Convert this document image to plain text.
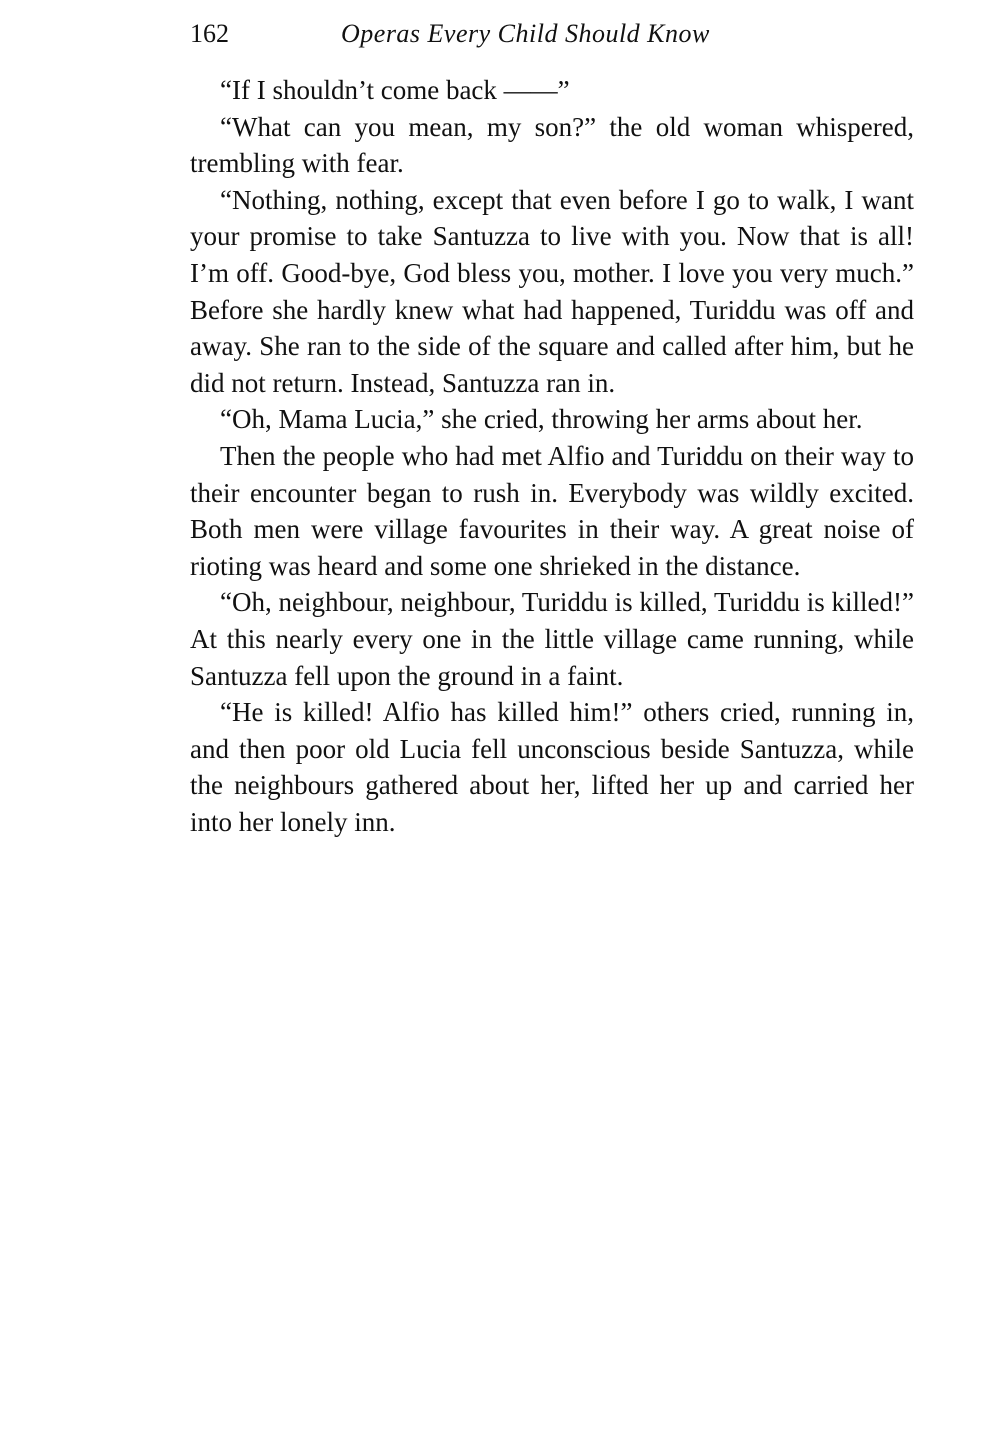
162	Operas Every Child Should Know

“If I shouldn’t come back ——”

“What can you mean, my son?” the old woman whispered, trembling with fear.

“Nothing, nothing, except that even before I go to walk, I want your promise to take Santuzza to live with you. Now that is all! I’m off. Good-bye, God bless you, mother. I love you very much.” Before she hardly knew what had happened, Turiddu was off and away. She ran to the side of the square and called after him, but he did not return. Instead, Santuzza ran in.

“Oh, Mama Lucia,” she cried, throwing her arms about her.

Then the people who had met Alfio and Turiddu on their way to their encounter began to rush in. Everybody was wildly excited. Both men were village favourites in their way. A great noise of rioting was heard and some one shrieked in the distance.

“Oh, neighbour, neighbour, Turiddu is killed, Turiddu is killed!” At this nearly every one in the little village came running, while Santuzza fell upon the ground in a faint.

“He is killed! Alfio has killed him!” others cried, running in, and then poor old Lucia fell unconscious beside Santuzza, while the neighbours gathered about her, lifted her up and carried her into her lonely inn.
